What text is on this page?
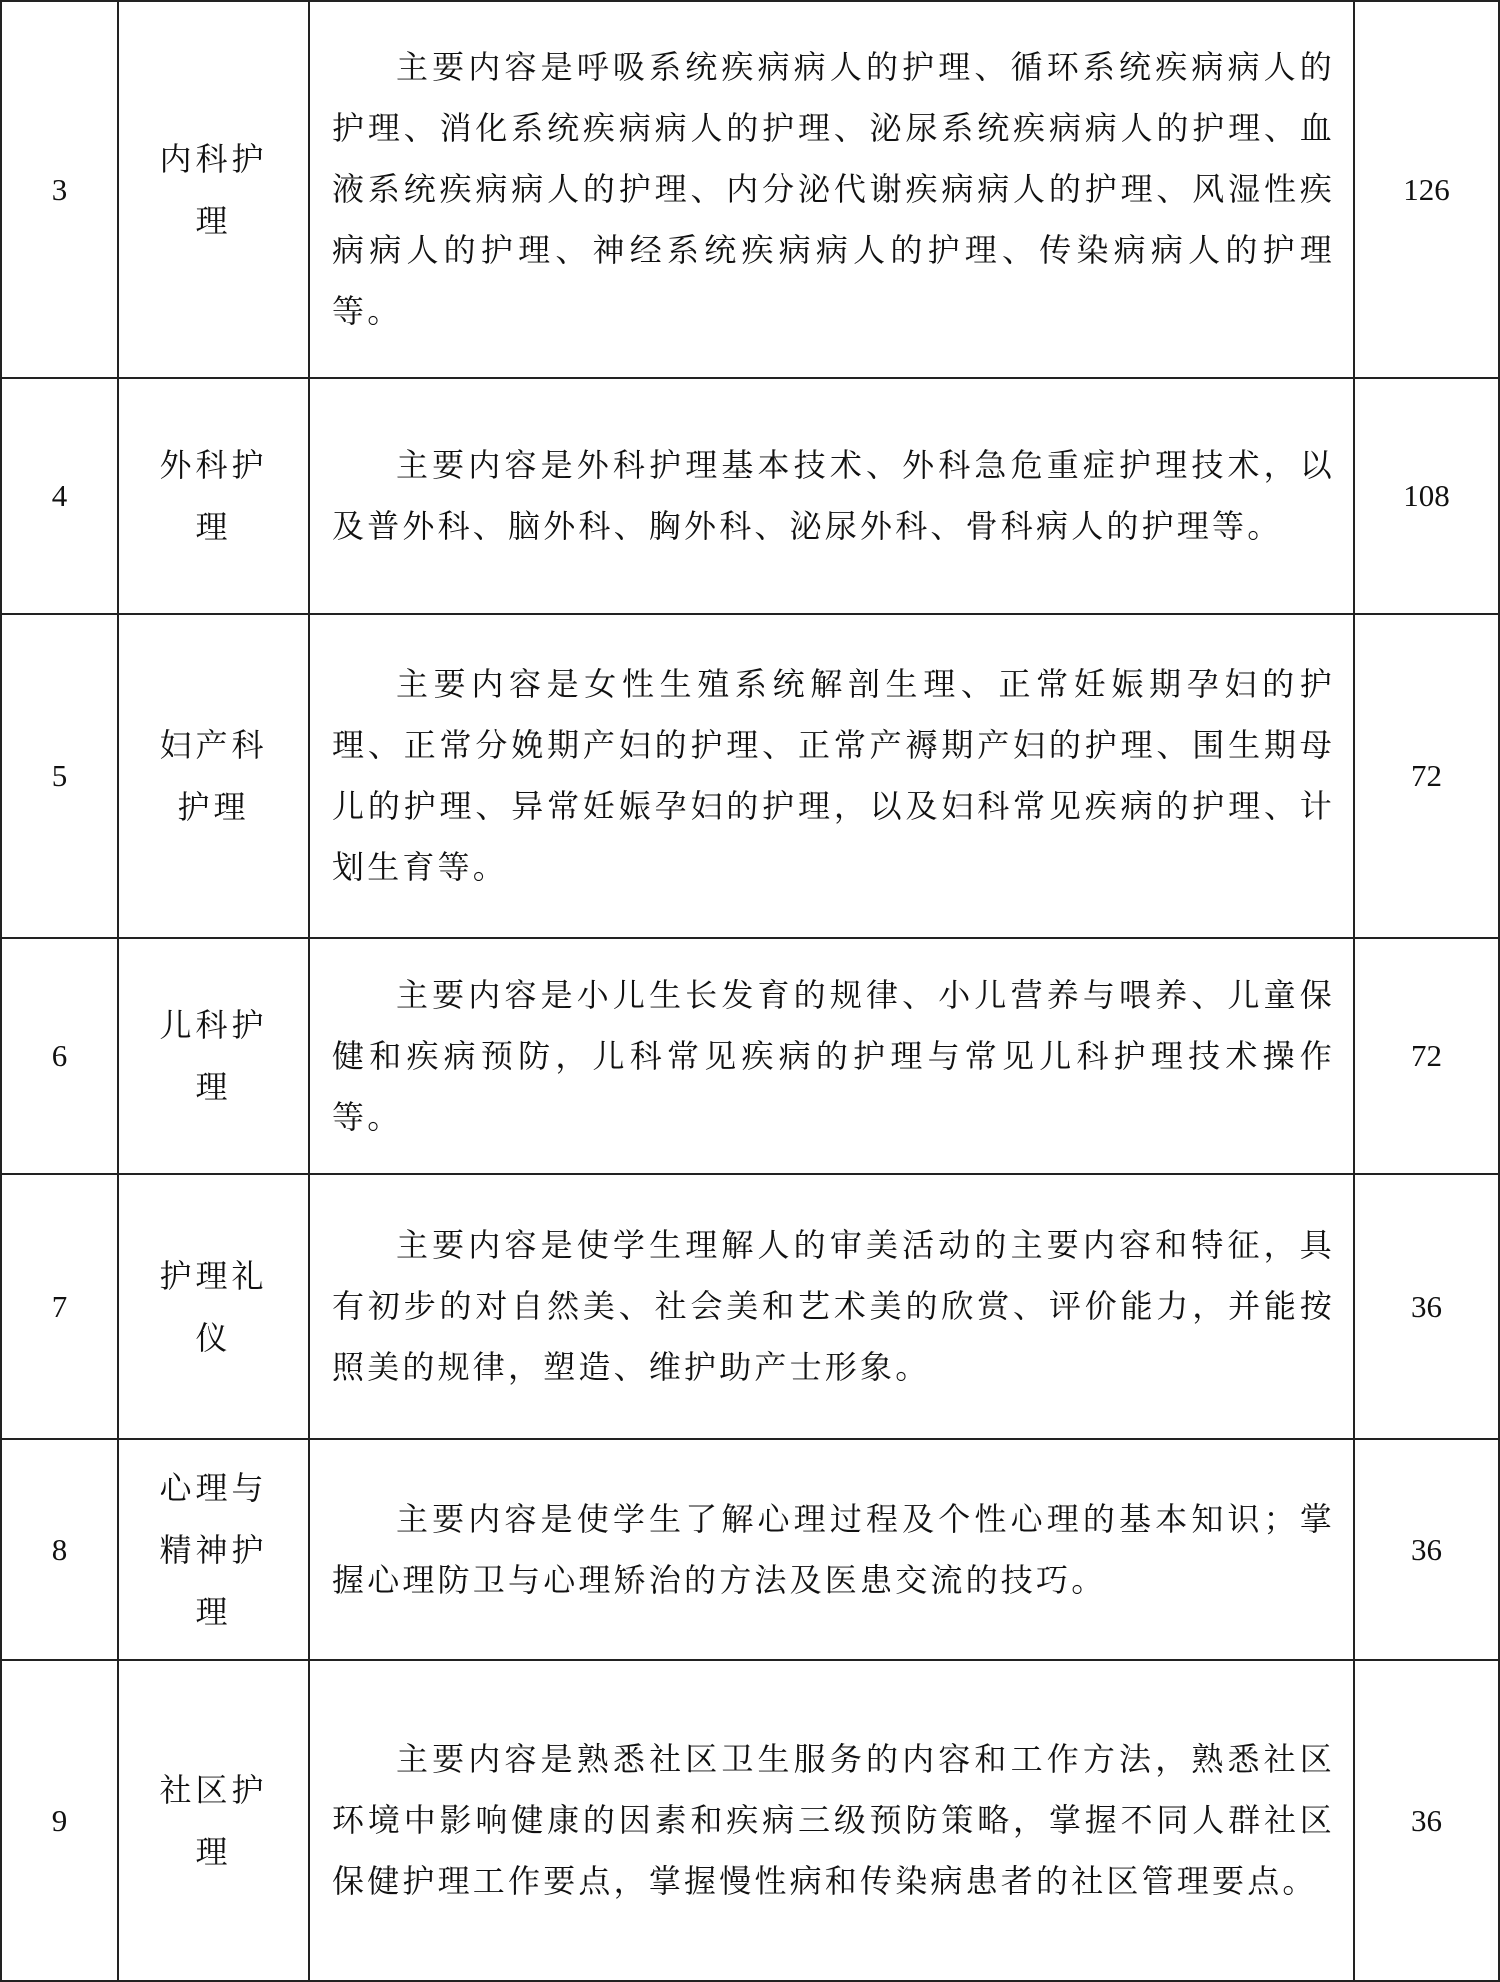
3	内科护理	主要内容是呼吸系统疾病病人的护理、循环系统疾病病人的护理、消化系统疾病病人的护理、泌尿系统疾病病人的护理、血液系统疾病病人的护理、内分泌代谢疾病病人的护理、风湿性疾病病人的护理、神经系统疾病病人的护理、传染病病人的护理等。	126
4	外科护理	主要内容是外科护理基本技术、外科急危重症护理技术，以及普外科、脑外科、胸外科、泌尿外科、骨科病人的护理等。	108
5	妇产科护理	主要内容是女性生殖系统解剖生理、正常妊娠期孕妇的护理、正常分娩期产妇的护理、正常产褥期产妇的护理、围生期母儿的护理、异常妊娠孕妇的护理，以及妇科常见疾病的护理、计划生育等。	72
6	儿科护理	主要内容是小儿生长发育的规律、小儿营养与喂养、儿童保健和疾病预防，儿科常见疾病的护理与常见儿科护理技术操作等。	72
7	护理礼仪	主要内容是使学生理解人的审美活动的主要内容和特征，具有初步的对自然美、社会美和艺术美的欣赏、评价能力，并能按照美的规律，塑造、维护助产士形象。	36
8	心理与精神护理	主要内容是使学生了解心理过程及个性心理的基本知识；掌握心理防卫与心理矫治的方法及医患交流的技巧。	36
9	社区护理	主要内容是熟悉社区卫生服务的内容和工作方法，熟悉社区环境中影响健康的因素和疾病三级预防策略，掌握不同人群社区保健护理工作要点，掌握慢性病和传染病患者的社区管理要点。	36
